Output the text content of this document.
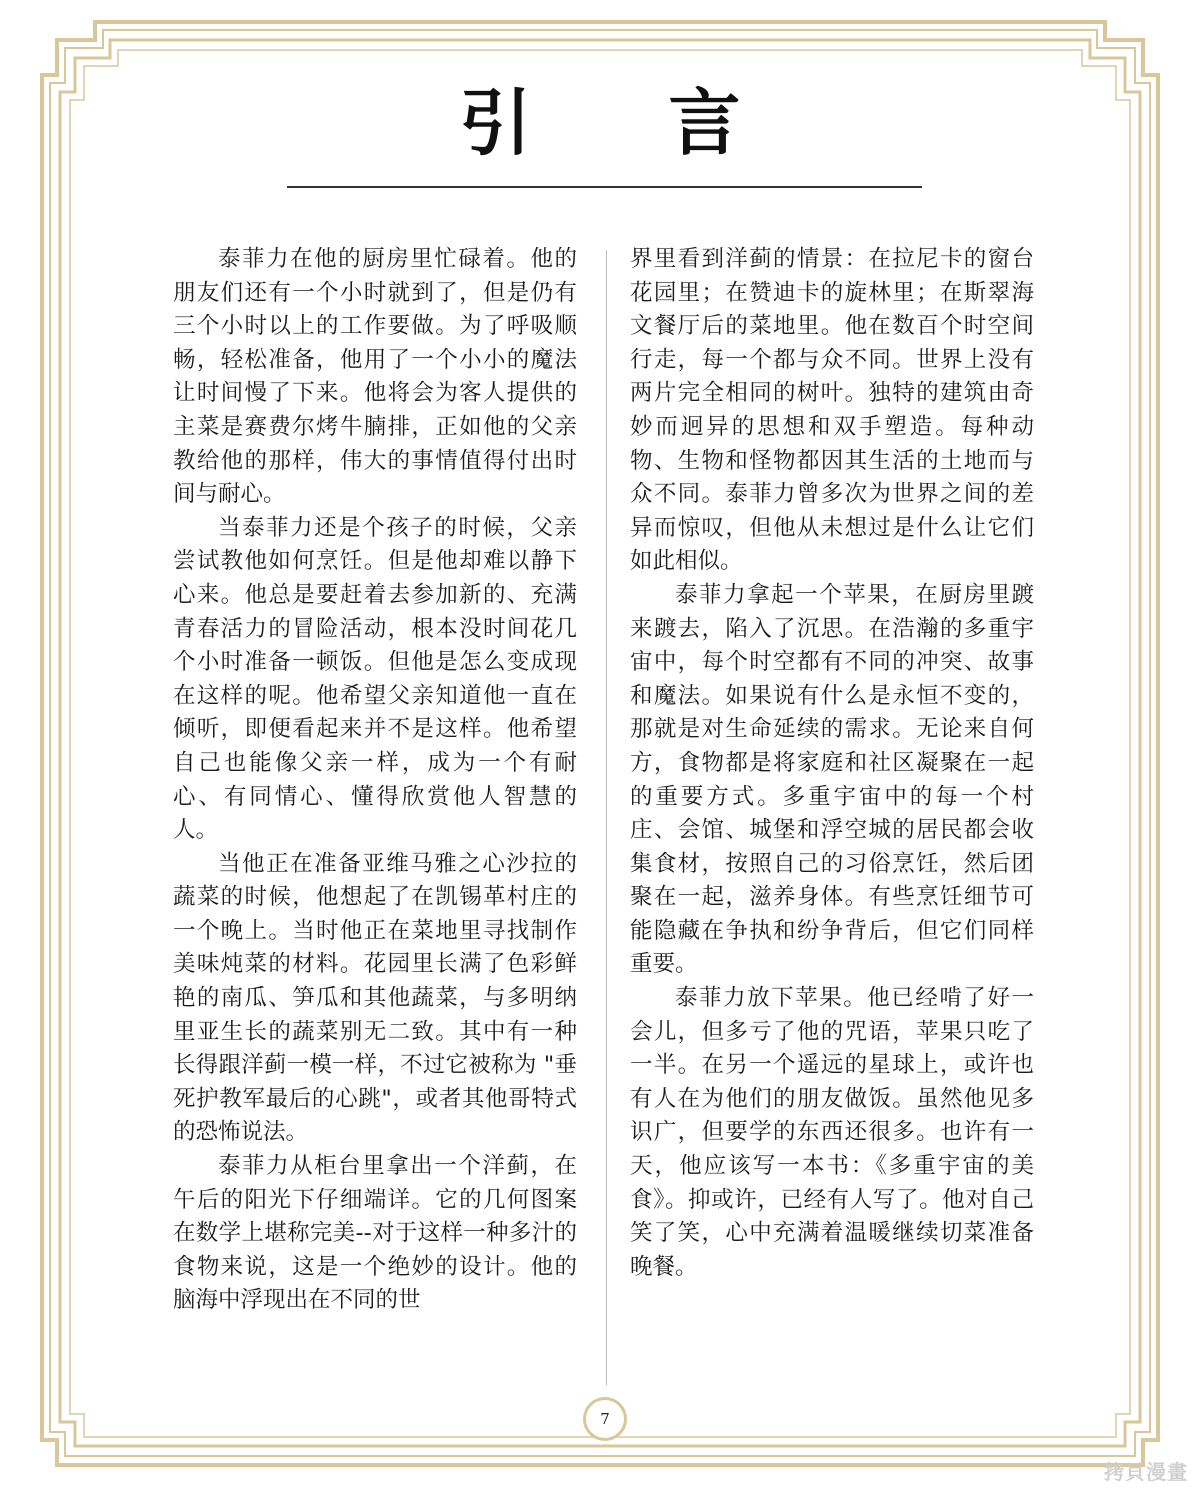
引 言

泰菲力在他的厨房里忙碌着。他的朋友们还有一个小时就到了，但是仍有三个小时以上的工作要做。为了呼吸顺畅，轻松准备，他用了一个小小的魔法让时间慢了下来。他将会为客人提供的主菜是赛费尔烤牛腩排，正如他的父亲教给他的那样，伟大的事情值得付出时间与耐心。

当泰菲力还是个孩子的时候，父亲尝试教他如何烹饪。但是他却难以静下心来。他总是要赶着去参加新的、充满青春活力的冒险活动，根本没时间花几个小时准备一顿饭。但他是怎么变成现在这样的呢。他希望父亲知道他一直在倾听，即便看起来并不是这样。他希望自己也能像父亲一样，成为一个有耐心、有同情心、懂得欣赏他人智慧的人。

当他正在准备亚维马雅之心沙拉的蔬菜的时候，他想起了在凯锡革村庄的一个晚上。当时他正在菜地里寻找制作美味炖菜的材料。花园里长满了色彩鲜艳的南瓜、笋瓜和其他蔬菜，与多明纳里亚生长的蔬菜别无二致。其中有一种长得跟洋蓟一模一样，不过它被称为 "垂死护教军最后的心跳"，或者其他哥特式的恐怖说法。

泰菲力从柜台里拿出一个洋蓟，在午后的阳光下仔细端详。它的几何图案在数学上堪称完美--对于这样一种多汁的食物来说，这是一个绝妙的设计。他的脑海中浮现出在不同的世

界里看到洋蓟的情景：在拉尼卡的窗台花园里；在赞迪卡的旋林里；在斯翠海文餐厅后的菜地里。他在数百个时空间行走，每一个都与众不同。世界上没有两片完全相同的树叶。独特的建筑由奇妙而迥异的思想和双手塑造。每种动物、生物和怪物都因其生活的土地而与众不同。泰菲力曾多次为世界之间的差异而惊叹，但他从未想过是什么让它们如此相似。

泰菲力拿起一个苹果，在厨房里踱来踱去，陷入了沉思。在浩瀚的多重宇宙中，每个时空都有不同的冲突、故事和魔法。如果说有什么是永恒不变的，那就是对生命延续的需求。无论来自何方，食物都是将家庭和社区凝聚在一起的重要方式。多重宇宙中的每一个村庄、会馆、城堡和浮空城的居民都会收集食材，按照自己的习俗烹饪，然后团聚在一起，滋养身体。有些烹饪细节可能隐藏在争执和纷争背后，但它们同样重要。

泰菲力放下苹果。他已经啃了好一会儿，但多亏了他的咒语，苹果只吃了一半。在另一个遥远的星球上，或许也有人在为他们的朋友做饭。虽然他见多识广，但要学的东西还很多。也许有一天，他应该写一本书：《多重宇宙的美食》。抑或许，已经有人写了。他对自己笑了笑，心中充满着温暖继续切菜准备晚餐。

7
拷貝漫畫
